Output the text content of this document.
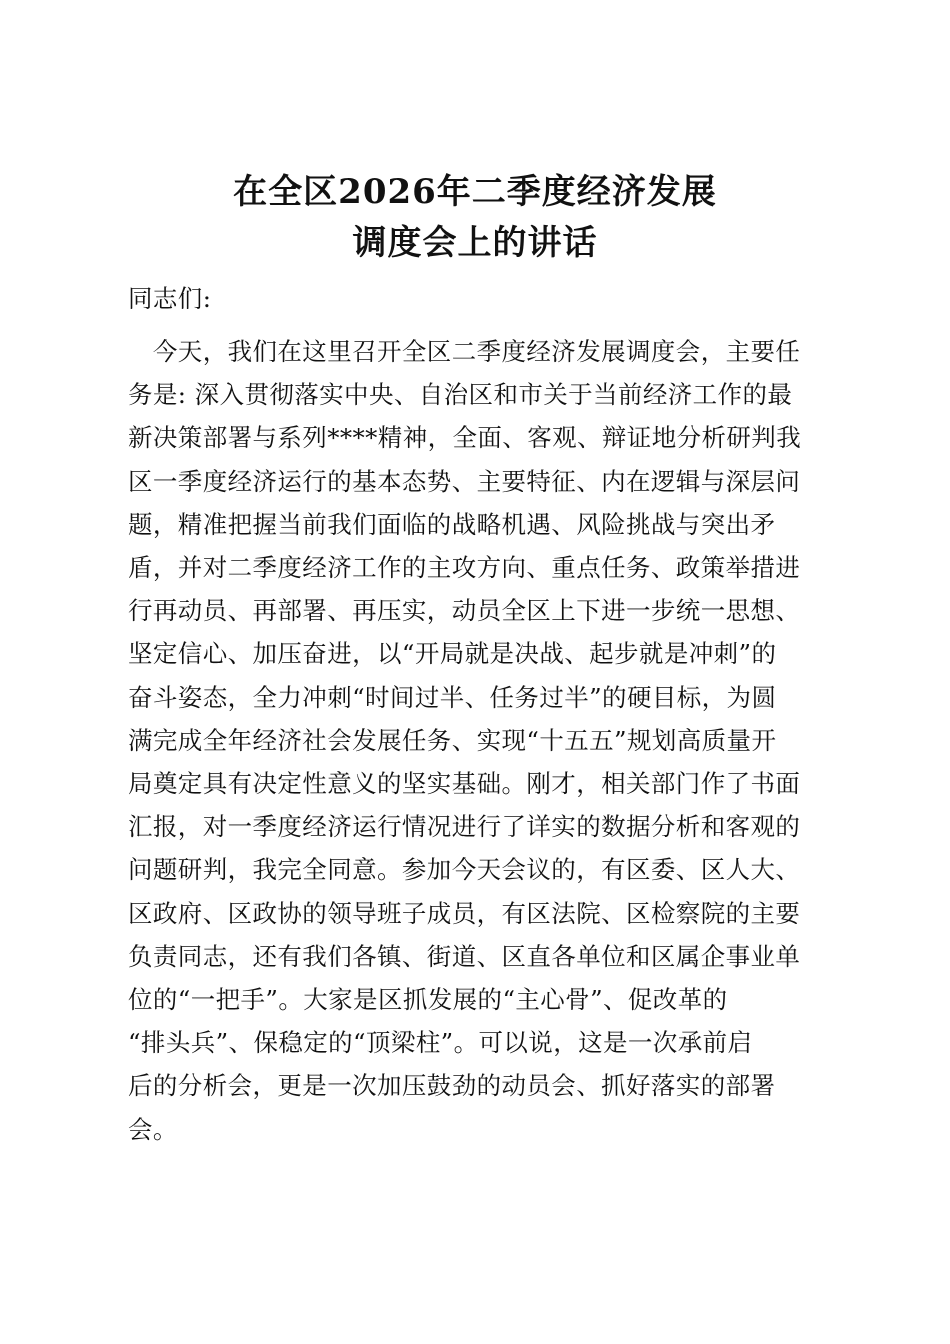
在全区2026年二季度经济发展
调度会上的讲话
同志们:
　今天，我们在这里召开全区二季度经济发展调度会，主要任
务是: 深入贯彻落实中央、自治区和市关于当前经济工作的最
新决策部署与系列****精神，全面、客观、辩证地分析研判我
区一季度经济运行的基本态势、主要特征、内在逻辑与深层问
题，精准把握当前我们面临的战略机遇、风险挑战与突出矛
盾，并对二季度经济工作的主攻方向、重点任务、政策举措进
行再动员、再部署、再压实，动员全区上下进一步统一思想、
坚定信心、加压奋进，以“开局就是决战、起步就是冲刺”的
奋斗姿态，全力冲刺“时间过半、任务过半”的硬目标，为圆
满完成全年经济社会发展任务、实现“十五五”规划高质量开
局奠定具有决定性意义的坚实基础。刚才，相关部门作了书面
汇报，对一季度经济运行情况进行了详实的数据分析和客观的
问题研判，我完全同意。参加今天会议的，有区委、区人大、
区政府、区政协的领导班子成员，有区法院、区检察院的主要
负责同志，还有我们各镇、街道、区直各单位和区属企事业单
位的“一把手”。大家是区抓发展的“主心骨”、促改革的
“排头兵”、保稳定的“顶梁柱”。可以说，这是一次承前启
后的分析会，更是一次加压鼓劲的动员会、抓好落实的部署
会。
